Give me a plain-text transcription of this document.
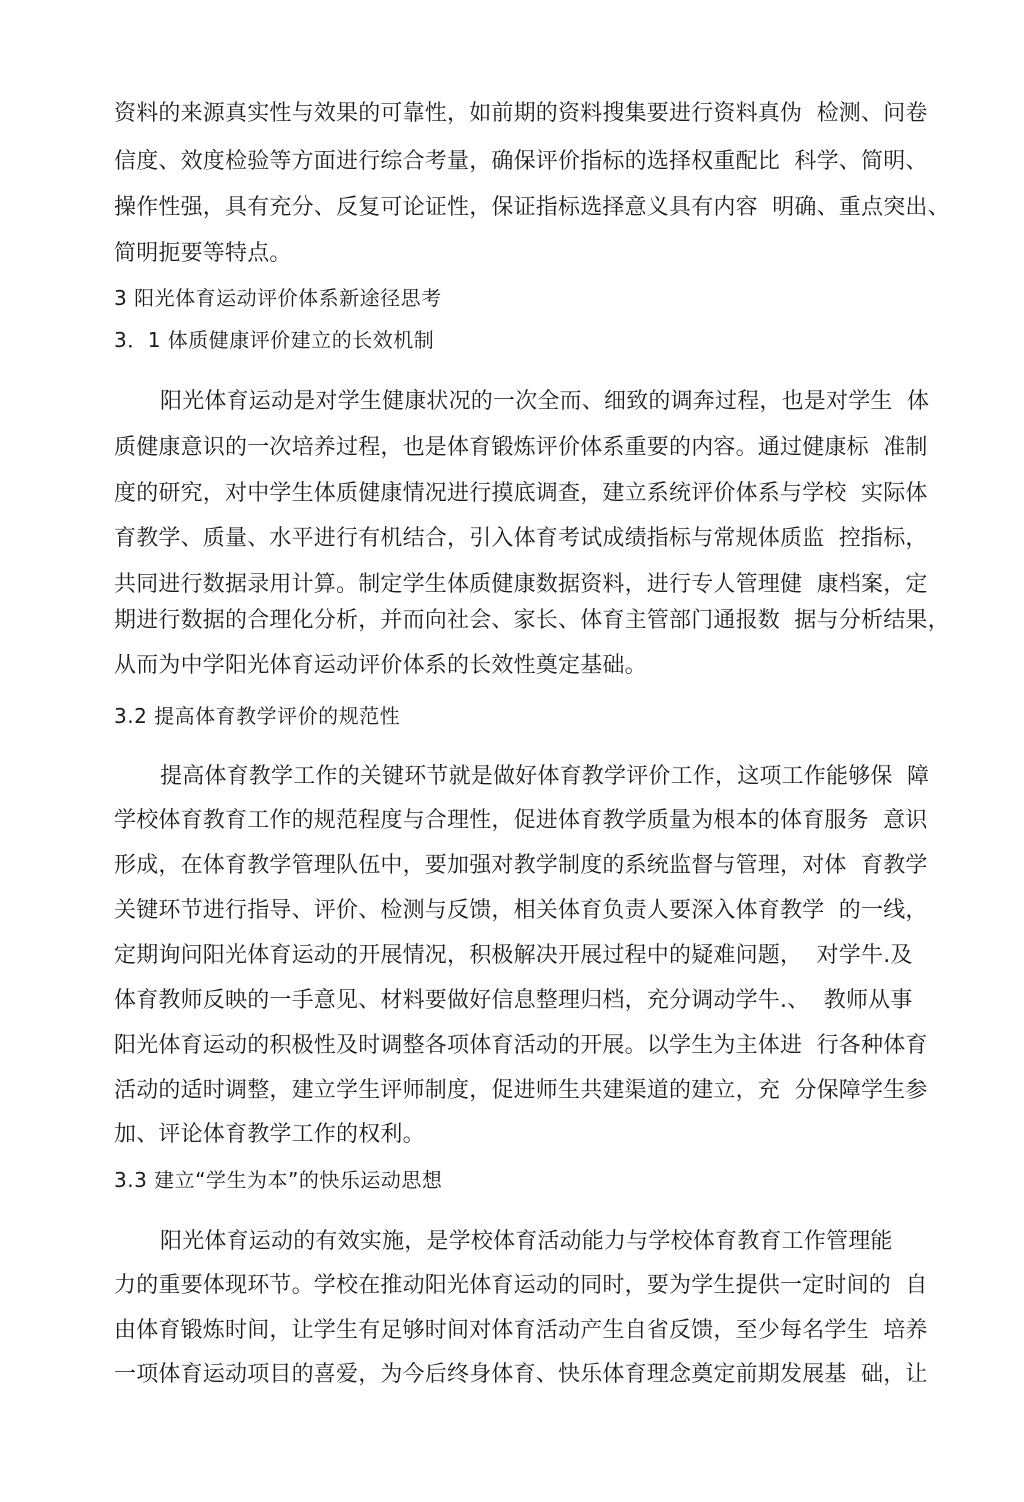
资料的来源真实性与效果的可靠性，如前期的资料搜集要进行资料真伪  检测、问卷
信度、效度检验等方面进行综合考量，确保评价指标的选择权重配比  科学、简明、
操作性强，具有充分、反复可论证性，保证指标选择意义具有内容  明确、重点突出、
简明扼要等特点。
3 阳光体育运动评价体系新途径思考
3．1 体质健康评价建立的长效机制
阳光体育运动是对学生健康状况的一次全而、细致的调奔过程，也是对学生  体
质健康意识的一次培养过程，也是体育锻炼评价体系重要的内容。通过健康标  准制
度的研究，对中学生体质健康情况进行摸底调查，建立系统评价体系与学校  实际体
育教学、质量、水平进行有机结合，引入体育考试成绩指标与常规体质监  控指标，
共同进行数据录用计算。制定学生体质健康数据资料，进行专人管理健  康档案，定
期进行数据的合理化分析，并而向社会、家长、体育主管部门通报数  据与分析结果，
从而为中学阳光体育运动评价体系的长效性奠定基础。
3.2 提高体育教学评价的规范性
提高体育教学工作的关键环节就是做好体育教学评价工作，这项工作能够保  障
学校体育教育工作的规范程度与合理性，促进体育教学质量为根本的体育服务  意识
形成，在体育教学管理队伍中，要加强对教学制度的系统监督与管理，对体  育教学
关键环节进行指导、评价、检测与反馈，相关体育负责人要深入体育教学  的一线，
定期询问阳光体育运动的开展情况，积极解决开展过程中的疑难问题，  对学牛.及
体育教师反映的一手意见、材料要做好信息整理归档，充分调动学牛.、  教师从事
阳光体育运动的积极性及时调整各项体育活动的开展。以学生为主体进  行各种体育
活动的适时调整，建立学生评师制度，促进师生共建渠道的建立，充  分保障学生参
加、评论体育教学工作的权利。
3.3 建立“学生为本”的快乐运动思想
阳光体育运动的有效实施，是学校体育活动能力与学校体育教育工作管理能
力的重要体现环节。学校在推动阳光体育运动的同时，要为学生提供一定时间的  自
由体育锻炼时间，让学生有足够时间对体育活动产生自省反馈，至少每名学生  培养
一项体育运动项目的喜爱，为今后终身体育、快乐体育理念奠定前期发展基  础，让
